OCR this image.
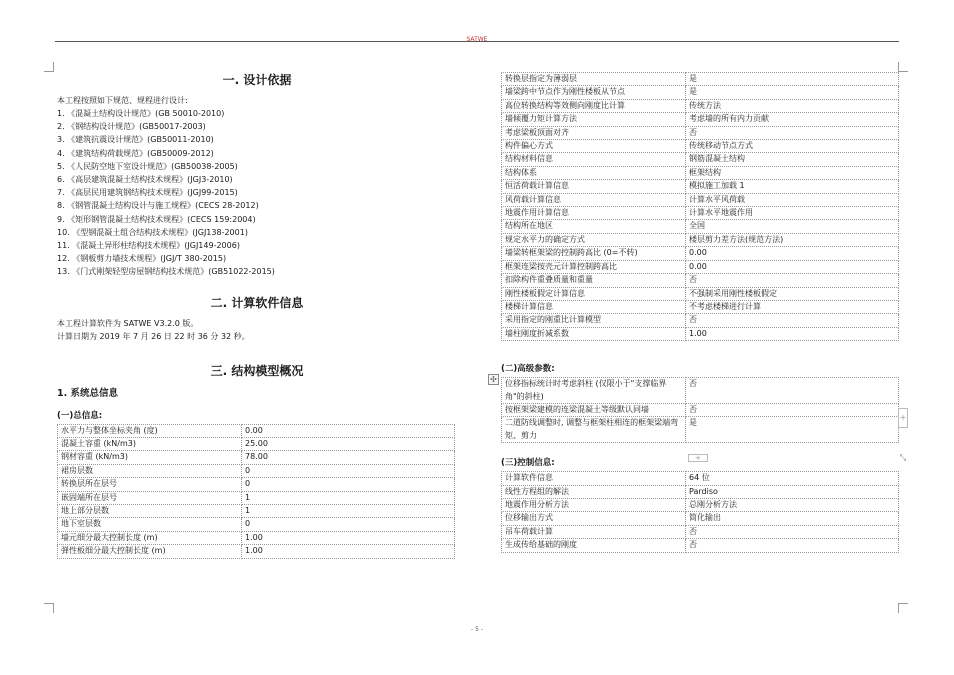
SATWE
一. 设计依据
本工程按照如下规范、规程进行设计:
1. 《混凝土结构设计规范》(GB 50010-2010)
2. 《钢结构设计规范》(GB50017-2003)
3. 《建筑抗震设计规范》(GB50011-2010)
4. 《建筑结构荷载规范》(GB50009-2012)
5. 《人民防空地下室设计规范》(GB50038-2005)
6. 《高层建筑混凝土结构技术规程》(JGJ3-2010)
7. 《高层民用建筑钢结构技术规程》(JGJ99-2015)
8. 《钢管混凝土结构设计与施工规程》(CECS 28-2012)
9. 《矩形钢管混凝土结构技术规程》(CECS 159:2004)
10. 《型钢混凝土组合结构技术规程》(JGJ138-2001)
11. 《混凝土异形柱结构技术规程》(JGJ149-2006)
12. 《钢板剪力墙技术规程》(JGJ/T 380-2015)
13. 《门式刚架轻型房屋钢结构技术规范》(GB51022-2015)
二. 计算软件信息
本工程计算软件为 SATWE V3.2.0 版。
计算日期为 2019 年 7 月 26 日 22 时 36 分 32 秒。
三. 结构模型概况
1. 系统总信息
(一)总信息:
水平力与整体坐标夹角 (度)	0.00
混凝土容重 (kN/m3)	25.00
钢材容重 (kN/m3)	78.00
裙房层数	0
转换层所在层号	0
嵌固端所在层号	1
地上部分层数	1
地下室层数	0
墙元细分最大控制长度 (m)	1.00
弹性板细分最大控制长度 (m)	1.00
转换层指定为薄弱层	是
墙梁跨中节点作为刚性楼板从节点	是
高位转换结构等效侧向刚度比计算	传统方法
墙倾覆力矩计算方法	考虑墙的所有内力贡献
考虑梁板顶面对齐	否
构件偏心方式	传统移动节点方式
结构材料信息	钢筋混凝土结构
结构体系	框架结构
恒活荷载计算信息	模拟施工加载 1
风荷载计算信息	计算水平风荷载
地震作用计算信息	计算水平地震作用
结构所在地区	全国
规定水平力的确定方式	楼层剪力差方法(规范方法)
墙梁转框架梁的控制跨高比 (0=不转)	0.00
框架连梁按壳元计算控制跨高比	0.00
扣除构件重叠质量和重量	否
刚性楼板假定计算信息	不强制采用刚性楼板假定
楼梯计算信息	不考虑楼梯进行计算
采用指定的刚重比计算模型	否
墙柱刚度折减系数	1.00
(二)高级参数:
位移指标统计时考虑斜柱 (仅限小于"支撑临界角"的斜柱)	否
按框架梁建模的连梁混凝土等级默认同墙	否
二道防线调整时, 调整与框架柱相连的框架梁端弯矩、剪力	是
(三)控制信息:
计算软件信息	64 位
线性方程组的解法	Pardiso
地震作用分析方法	总刚分析方法
位移输出方式	简化输出
吊车荷载计算	否
生成传给基础的刚度	否
✣
+
+
⤡
- 5 -
